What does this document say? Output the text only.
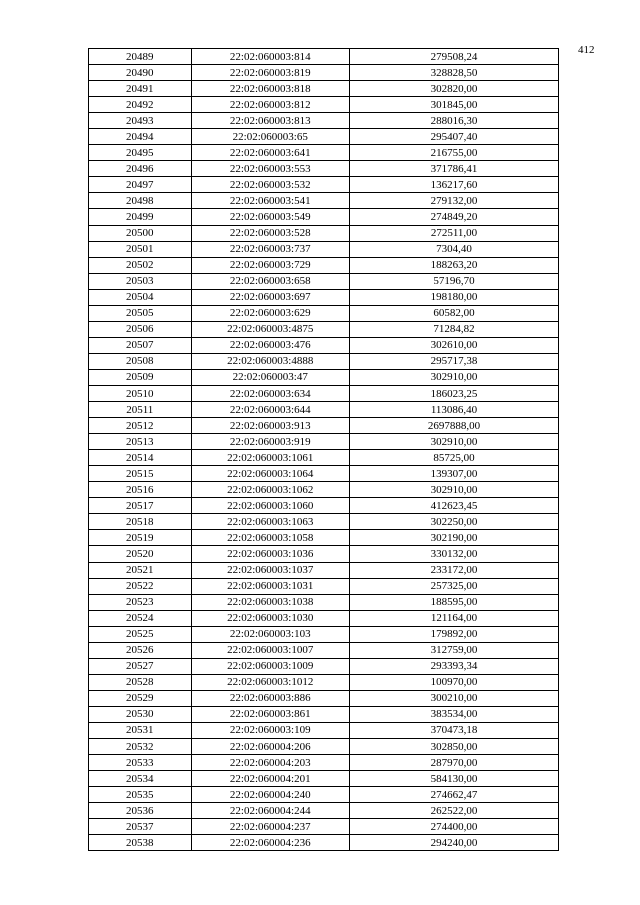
412
20489	22:02:060003:814	279508,24
20490	22:02:060003:819	328828,50
20491	22:02:060003:818	302820,00
20492	22:02:060003:812	301845,00
20493	22:02:060003:813	288016,30
20494	22:02:060003:65	295407,40
20495	22:02:060003:641	216755,00
20496	22:02:060003:553	371786,41
20497	22:02:060003:532	136217,60
20498	22:02:060003:541	279132,00
20499	22:02:060003:549	274849,20
20500	22:02:060003:528	272511,00
20501	22:02:060003:737	7304,40
20502	22:02:060003:729	188263,20
20503	22:02:060003:658	57196,70
20504	22:02:060003:697	198180,00
20505	22:02:060003:629	60582,00
20506	22:02:060003:4875	71284,82
20507	22:02:060003:476	302610,00
20508	22:02:060003:4888	295717,38
20509	22:02:060003:47	302910,00
20510	22:02:060003:634	186023,25
20511	22:02:060003:644	113086,40
20512	22:02:060003:913	2697888,00
20513	22:02:060003:919	302910,00
20514	22:02:060003:1061	85725,00
20515	22:02:060003:1064	139307,00
20516	22:02:060003:1062	302910,00
20517	22:02:060003:1060	412623,45
20518	22:02:060003:1063	302250,00
20519	22:02:060003:1058	302190,00
20520	22:02:060003:1036	330132,00
20521	22:02:060003:1037	233172,00
20522	22:02:060003:1031	257325,00
20523	22:02:060003:1038	188595,00
20524	22:02:060003:1030	121164,00
20525	22:02:060003:103	179892,00
20526	22:02:060003:1007	312759,00
20527	22:02:060003:1009	293393,34
20528	22:02:060003:1012	100970,00
20529	22:02:060003:886	300210,00
20530	22:02:060003:861	383534,00
20531	22:02:060003:109	370473,18
20532	22:02:060004:206	302850,00
20533	22:02:060004:203	287970,00
20534	22:02:060004:201	584130,00
20535	22:02:060004:240	274662,47
20536	22:02:060004:244	262522,00
20537	22:02:060004:237	274400,00
20538	22:02:060004:236	294240,00
